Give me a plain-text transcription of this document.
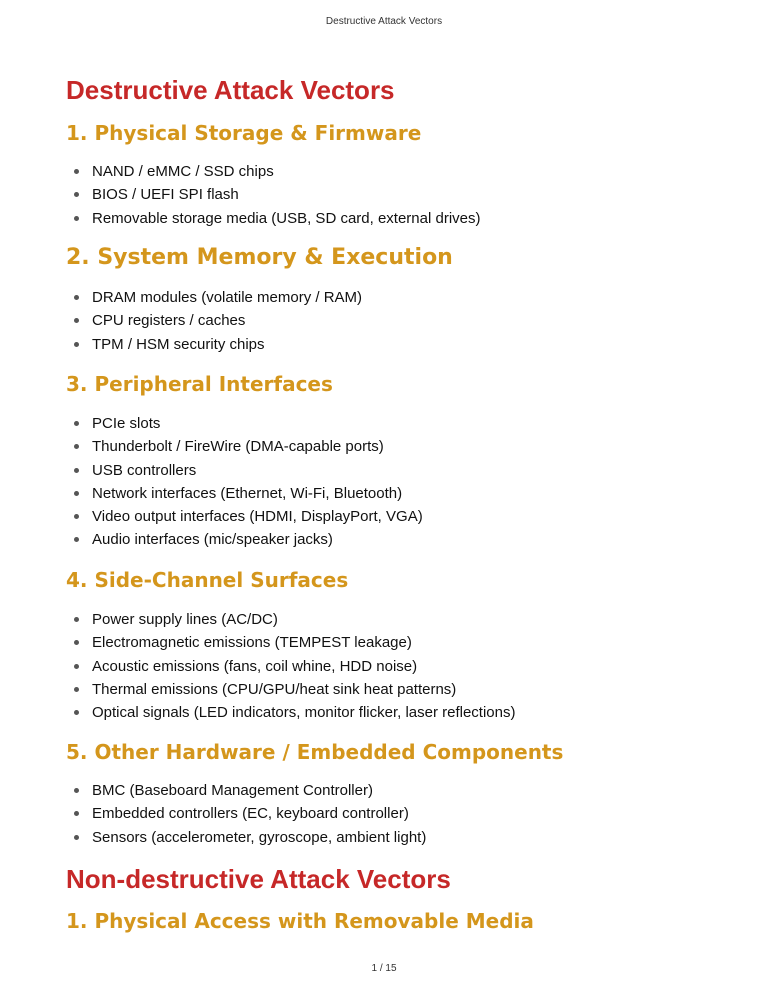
Destructive Attack Vectors
Destructive Attack Vectors
1. Physical Storage & Firmware
NAND / eMMC / SSD chips
BIOS / UEFI SPI flash
Removable storage media (USB, SD card, external drives)
2. System Memory & Execution
DRAM modules (volatile memory / RAM)
CPU registers / caches
TPM / HSM security chips
3. Peripheral Interfaces
PCIe slots
Thunderbolt / FireWire (DMA-capable ports)
USB controllers
Network interfaces (Ethernet, Wi-Fi, Bluetooth)
Video output interfaces (HDMI, DisplayPort, VGA)
Audio interfaces (mic/speaker jacks)
4. Side-Channel Surfaces
Power supply lines (AC/DC)
Electromagnetic emissions (TEMPEST leakage)
Acoustic emissions (fans, coil whine, HDD noise)
Thermal emissions (CPU/GPU/heat sink heat patterns)
Optical signals (LED indicators, monitor flicker, laser reflections)
5. Other Hardware / Embedded Components
BMC (Baseboard Management Controller)
Embedded controllers (EC, keyboard controller)
Sensors (accelerometer, gyroscope, ambient light)
Non-destructive Attack Vectors
1. Physical Access with Removable Media
1 / 15
